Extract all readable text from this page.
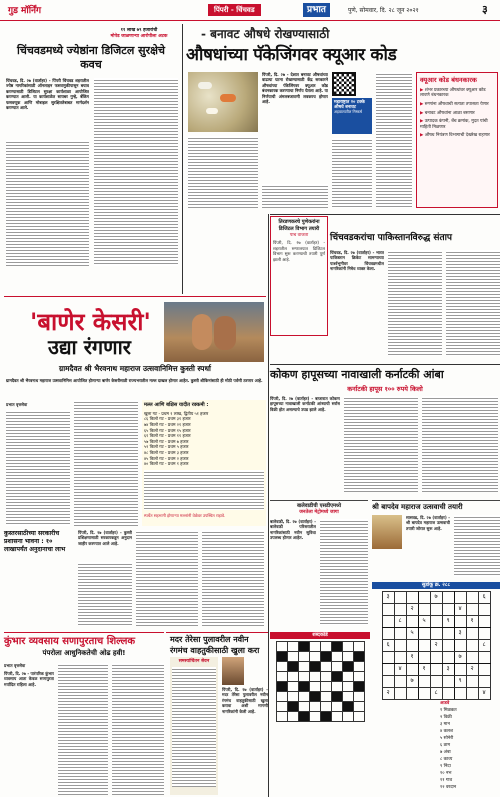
गुड मॉर्निंग	पिंपरी - चिंचवड	प्रभात	पुणे, सोमवार, दि. २८ जून २०२१	३
- बनावट औषधे रोखण्यासाठी
औषधांच्या पॅकेजिंगवर क्यूआर कोड
पिंपरी, दि. २७ - देशात बनावट औषधांच्या वाढत्या घटना रोखण्यासाठी केंद्र सरकारने औषधांच्या पॅकेजिंगवर क्यूआर कोड बंधनकारक करण्याचा निर्णय घेतला आहे. या निर्णयाची अंमलबजावणी लवकरच होणार आहे.	महाराष्ट्रात २० टक्के औषधे बनावट
अहवालातील निष्कर्ष
क्यूआर कोड बंधनकारक
▶ शंभर प्रकारच्या औषधांवर क्यूआर कोड लावणे बंधनकारक
▶ रुग्णांना औषधाची सत्यता तपासता येणार
▶ बनावट औषधांना आळा बसणार
▶ उत्पादक कंपनी, बॅच क्रमांक, मुदत यांची माहिती मिळणार
▶ औषध नियंत्रण विभागाची देखरेख राहणार
चिंचवडमध्ये ज्येष्ठांना डिजिटल सुरक्षेचे कवच
चिंचवड, दि. २७ (वार्ताहर) - पिंपरी चिंचवड शहरातील ज्येष्ठ नागरिकांसाठी ऑनलाइन फसवणुकीपासून बचाव करण्यासाठी डिजिटल सुरक्षा कार्यशाळा आयोजित करण्यात आली. या कार्यशाळेत सायबर गुन्हे, बँकिंग फसवणूक आणि मोबाइल सुरक्षिततेबाबत मार्गदर्शन करण्यात आले.
११ लाख ७९ हजारांची
मोपेड जाळणाऱ्या आरोपीला अटक
'बाणेर केसरी'
उद्या रंगणार
ग्रामदैवत श्री भैरवनाथ महाराज उत्सवानिमित्त कुस्ती स्पर्धा
ग्रामदैवत श्री भैरवनाथ महाराज उत्सवानिमित्त आयोजित होणाऱ्या बाणेर केसरीसाठी राज्यभरातील मल्ल दाखल होणार आहेत. कुस्ती शौकिनांसाठी ही मोठी पर्वणी ठरणार आहे.
प्रभात वृत्तसेवा	मल्ल आणि बक्षिस यादीत रक्कमी :
खुला गट - प्रथम १ लाख, द्वितीय ५१ हजार
८६ किलो गट - प्रथम ३१ हजार
७४ किलो गट - प्रथम २१ हजार
६५ किलो गट - प्रथम १५ हजार
६१ किलो गट - प्रथम ११ हजार
५७ किलो गट - प्रथम ७ हजार
५२ किलो गट - प्रथम ५ हजार
४८ किलो गट - प्रथम ३ हजार
४५ किलो गट - प्रथम २ हजार
४० किलो गट - प्रथम १ हजार
स्पर्धेत सहभागी होणाऱ्या मल्लांनी वेळेवर उपस्थित राहावे.
कुस्तरसाठीच्या सरकारीच प्रशासना भावना : १० लाखापर्यंत अनुदानाचा लाभ
पिंपरी, दि. २७ (वार्ताहर) - कुस्ती प्रशिक्षणासाठी सरकारकडून अनुदान जाहीर करण्यात आले आहे.
तिरडणकरचे पुणेकरांना
डिजिटल विभाग तयारी
पाच वाजता
पिंपरी, दि. २७ (वार्ताहर) - शहरातील रुग्णालयात डिजिटल विभाग सुरू करण्याची तयारी पूर्ण झाली आहे.
चिंचवडकरांचा पाकिस्तानविरुद्ध संताप
चिंचवड, दि. २७ (वार्ताहर) - भारत पाकिस्तान क्रिकेट सामन्याच्या पार्श्वभूमीवर चिंचवडमधील नागरिकांनी निषेध व्यक्त केला.
कोकण हापूसच्या नावाखाली कर्नाटकी आंबा
कर्नाटकी हापूस १०० रुपये किलो
पिंपरी, दि. २७ (वार्ताहर) - बाजारात कोकण हापूसच्या नावाखाली कर्नाटकी आंब्याची सर्रास विक्री होत असल्याचे उघड झाले आहे.
बालेवाडीची एसडीएमध्ये
जनतेला मेट्रोमध्ये जागा
बालेवाडी, दि. २७ (वार्ताहर) - बालेवाडी परिसरातील नागरिकांसाठी नवीन सुविधा उपलब्ध होणार आहेत.
श्री बापदेव महाराज उत्सवाची तयारी
सासवड, दि. २७ (वार्ताहर) - श्री बापदेव महाराज उत्सवाची तयारी जोरात सुरू आहे.
सुडोकू क्र. २८८
३				७				६
		२				४		
	८		५		९		१	
		५				३		
६				२				८
		१				७		
	४		१		३		२	
		७				९		
२				८				४
शब्दकोडे

आडवे
१ मिळकत
२ विक्री
३ मान
४ कलश
५ सोनेरी
६ ठाम
७ अंबा
८ काव्य
९ निंदा
१० नभ
११ गाव
१२ वरदान
कुंभार व्यवसाय सणापुरताच शिल्लक
पंपरोला आधुनिकतेची ओढ हवी!
प्रभात वृत्तसेवा
पिंपरी, दि. २७ - पारंपरिक कुंभार व्यवसाय आता केवळ सणापुरता मर्यादित राहिला आहे.
मदर तेरेसा पुलावरील नवीन
रंगमंच वाहतुकीसाठी खुला करा
समस्यांचिंतन सेवन
पिंपरी, दि. २७ (वार्ताहर) - मदर तेरेसा पुलावरील नवीन रंगमंच वाहतुकीसाठी खुला करावा अशी मागणी नागरिकांनी केली आहे.
